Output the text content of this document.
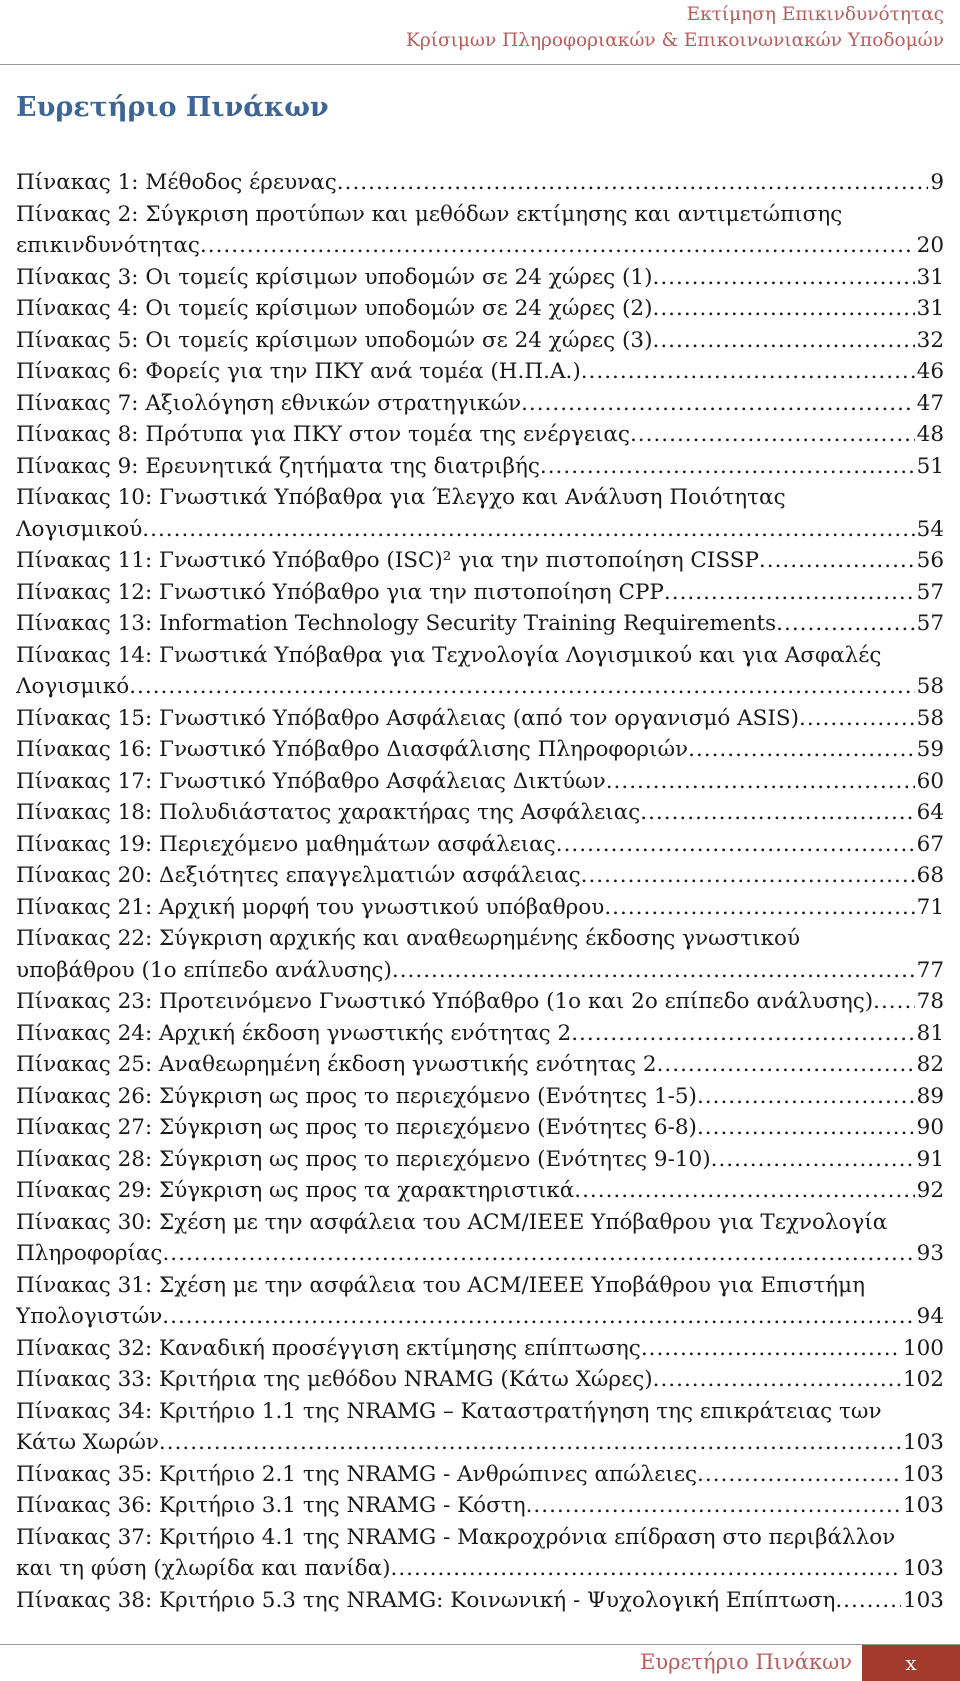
Εκτίμηση Επικινδυνότητας
Κρίσιμων Πληροφοριακών & Επικοινωνιακών Υποδομών
Ευρετήριο Πινάκων
Πίνακας 1: Μέθοδος έρευνας .....	9
Πίνακας 2: Σύγκριση προτύπων και μεθόδων εκτίμησης και αντιμετώπισης
επικινδυνότητας .....	20
Πίνακας 3: Οι τομείς κρίσιμων υποδομών σε 24 χώρες (1) .....	31
Πίνακας 4: Οι τομείς κρίσιμων υποδομών σε 24 χώρες (2) .....	31
Πίνακας 5: Οι τομείς κρίσιμων υποδομών σε 24 χώρες (3) .....	32
Πίνακας 6: Φορείς για την ΠΚΥ ανά τομέα (Η.Π.Α.) .....	46
Πίνακας 7: Αξιολόγηση εθνικών στρατηγικών .....	47
Πίνακας 8: Πρότυπα για ΠΚΥ στον τομέα της ενέργειας .....	48
Πίνακας 9: Ερευνητικά ζητήματα της διατριβής .....	51
Πίνακας 10: Γνωστικά Υπόβαθρα για Έλεγχο και Ανάλυση Ποιότητας
Λογισμικού .....	54
Πίνακας 11: Γνωστικό Υπόβαθρο (ISC)² για την πιστοποίηση CISSP .....	56
Πίνακας 12: Γνωστικό Υπόβαθρο για την πιστοποίηση CPP .....	57
Πίνακας 13: Information Technology Security Training Requirements .....	57
Πίνακας 14: Γνωστικά Υπόβαθρα για Τεχνολογία Λογισμικού και για Ασφαλές
Λογισμικό .....	58
Πίνακας 15: Γνωστικό Υπόβαθρο Ασφάλειας (από τον οργανισμό ASIS) .....	58
Πίνακας 16: Γνωστικό Υπόβαθρο Διασφάλισης Πληροφοριών .....	59
Πίνακας 17: Γνωστικό Υπόβαθρο Ασφάλειας Δικτύων .....	60
Πίνακας 18: Πολυδιάστατος χαρακτήρας της Ασφάλειας .....	64
Πίνακας 19: Περιεχόμενο μαθημάτων ασφάλειας .....	67
Πίνακας 20: Δεξιότητες επαγγελματιών ασφάλειας .....	68
Πίνακας 21: Αρχική μορφή του γνωστικού υπόβαθρου .....	71
Πίνακας 22: Σύγκριση αρχικής και αναθεωρημένης έκδοσης γνωστικού
υποβάθρου (1ο επίπεδο ανάλυσης) .....	77
Πίνακας 23: Προτεινόμενο Γνωστικό Υπόβαθρο (1ο και 2ο επίπεδο ανάλυσης) ..... 78
Πίνακας 24: Αρχική έκδοση γνωστικής ενότητας 2 .....	81
Πίνακας 25: Αναθεωρημένη έκδοση γνωστικής ενότητας 2 .....	82
Πίνακας 26: Σύγκριση ως προς το περιεχόμενο (Ενότητες 1-5) .....	89
Πίνακας 27: Σύγκριση ως προς το περιεχόμενο (Ενότητες 6-8) .....	90
Πίνακας 28: Σύγκριση ως προς το περιεχόμενο (Ενότητες 9-10) .....	91
Πίνακας 29: Σύγκριση ως προς τα χαρακτηριστικά .....	92
Πίνακας 30: Σχέση με την ασφάλεια του ACM/IEEE Υπόβαθρου για Τεχνολογία
Πληροφορίας .....	93
Πίνακας 31: Σχέση με την ασφάλεια του ACM/IEEE Υποβάθρου για Επιστήμη
Υπολογιστών .....	94
Πίνακας 32: Καναδική προσέγγιση εκτίμησης επίπτωσης .....	100
Πίνακας 33: Κριτήρια της μεθόδου NRAMG (Κάτω Χώρες) .....	102
Πίνακας 34: Κριτήριο 1.1 της NRAMG – Καταστρατήγηση της επικράτειας των
Κάτω Χωρών .....	103
Πίνακας 35: Κριτήριο 2.1 της NRAMG - Ανθρώπινες απώλειες .....	103
Πίνακας 36: Κριτήριο 3.1 της NRAMG - Κόστη .....	103
Πίνακας 37: Κριτήριο 4.1 της NRAMG - Μακροχρόνια επίδραση στο περιβάλλον
και τη φύση (χλωρίδα και πανίδα) .....	103
Πίνακας 38: Κριτήριο 5.3 της NRAMG: Κοινωνική - Ψυχολογική Επίπτωση .....	103
Ευρετήριο Πινάκων	x
